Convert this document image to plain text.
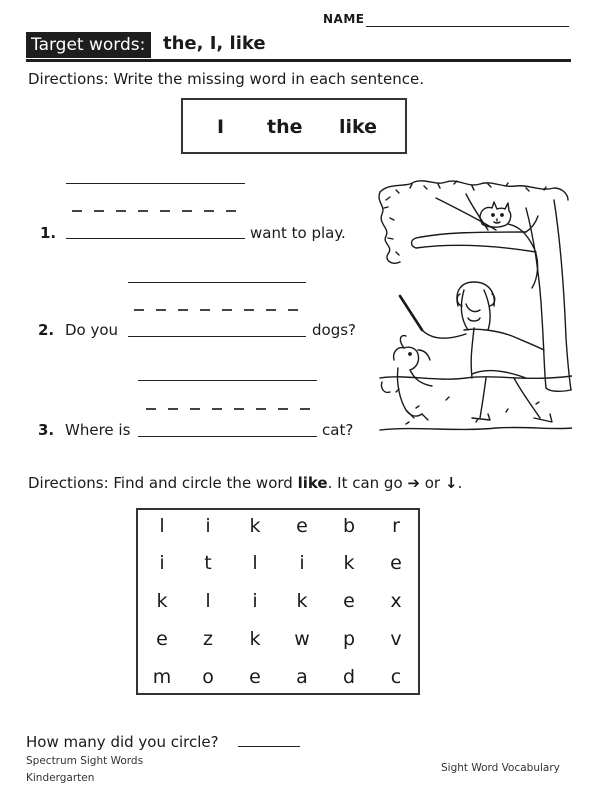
NAME
Target words: the, I, like
Directions: Write the missing word in each sentence.
I the like
1.	want to play.
2. Do you	dogs?
3. Where is	cat?
Directions: Find and circle the word like. It can go ➔ or ↓.
l	i	k	e	b	r
i	t	l	i	k	e
k	l	i	k	e	x
e	z	k	w	p	v
m	o	e	a	d	c
How many did you circle?
Spectrum Sight Words
Kindergarten
Sight Word Vocabulary
